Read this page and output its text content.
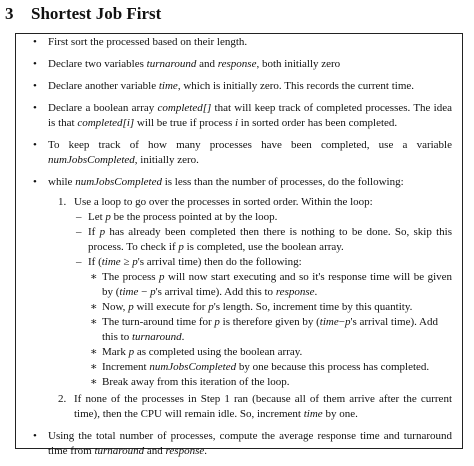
3 Shortest Job First
• First sort the processed based on their length.
• Declare two variables turnaround and response, both initially zero
• Declare another variable time, which is initially zero. This records the current time.
• Declare a boolean array completed[] that will keep track of completed processes. The idea is that completed[i] will be true if process i in sorted order has been completed.
• To keep track of how many processes have been completed, use a variable numJobsCompleted, initially zero.
• while numJobsCompleted is less than the number of processes, do the following:
1. Use a loop to go over the processes in sorted order. Within the loop:
– Let p be the process pointed at by the loop.
– If p has already been completed then there is nothing to be done. So, skip this process. To check if p is completed, use the boolean array.
– If (time ≥ p's arrival time) then do the following:
∗ The process p will now start executing and so it's response time will be given by (time − p's arrival time). Add this to response.
∗ Now, p will execute for p's length. So, increment time by this quantity.
∗ The turn-around time for p is therefore given by (time−p's arrival time). Add this to turnaround.
∗ Mark p as completed using the boolean array.
∗ Increment numJobsCompleted by one because this process has completed.
∗ Break away from this iteration of the loop.
2. If none of the processes in Step 1 ran (because all of them arrive after the current time), then the CPU will remain idle. So, increment time by one.
• Using the total number of processes, compute the average response time and turnaround time from turnaround and response.
